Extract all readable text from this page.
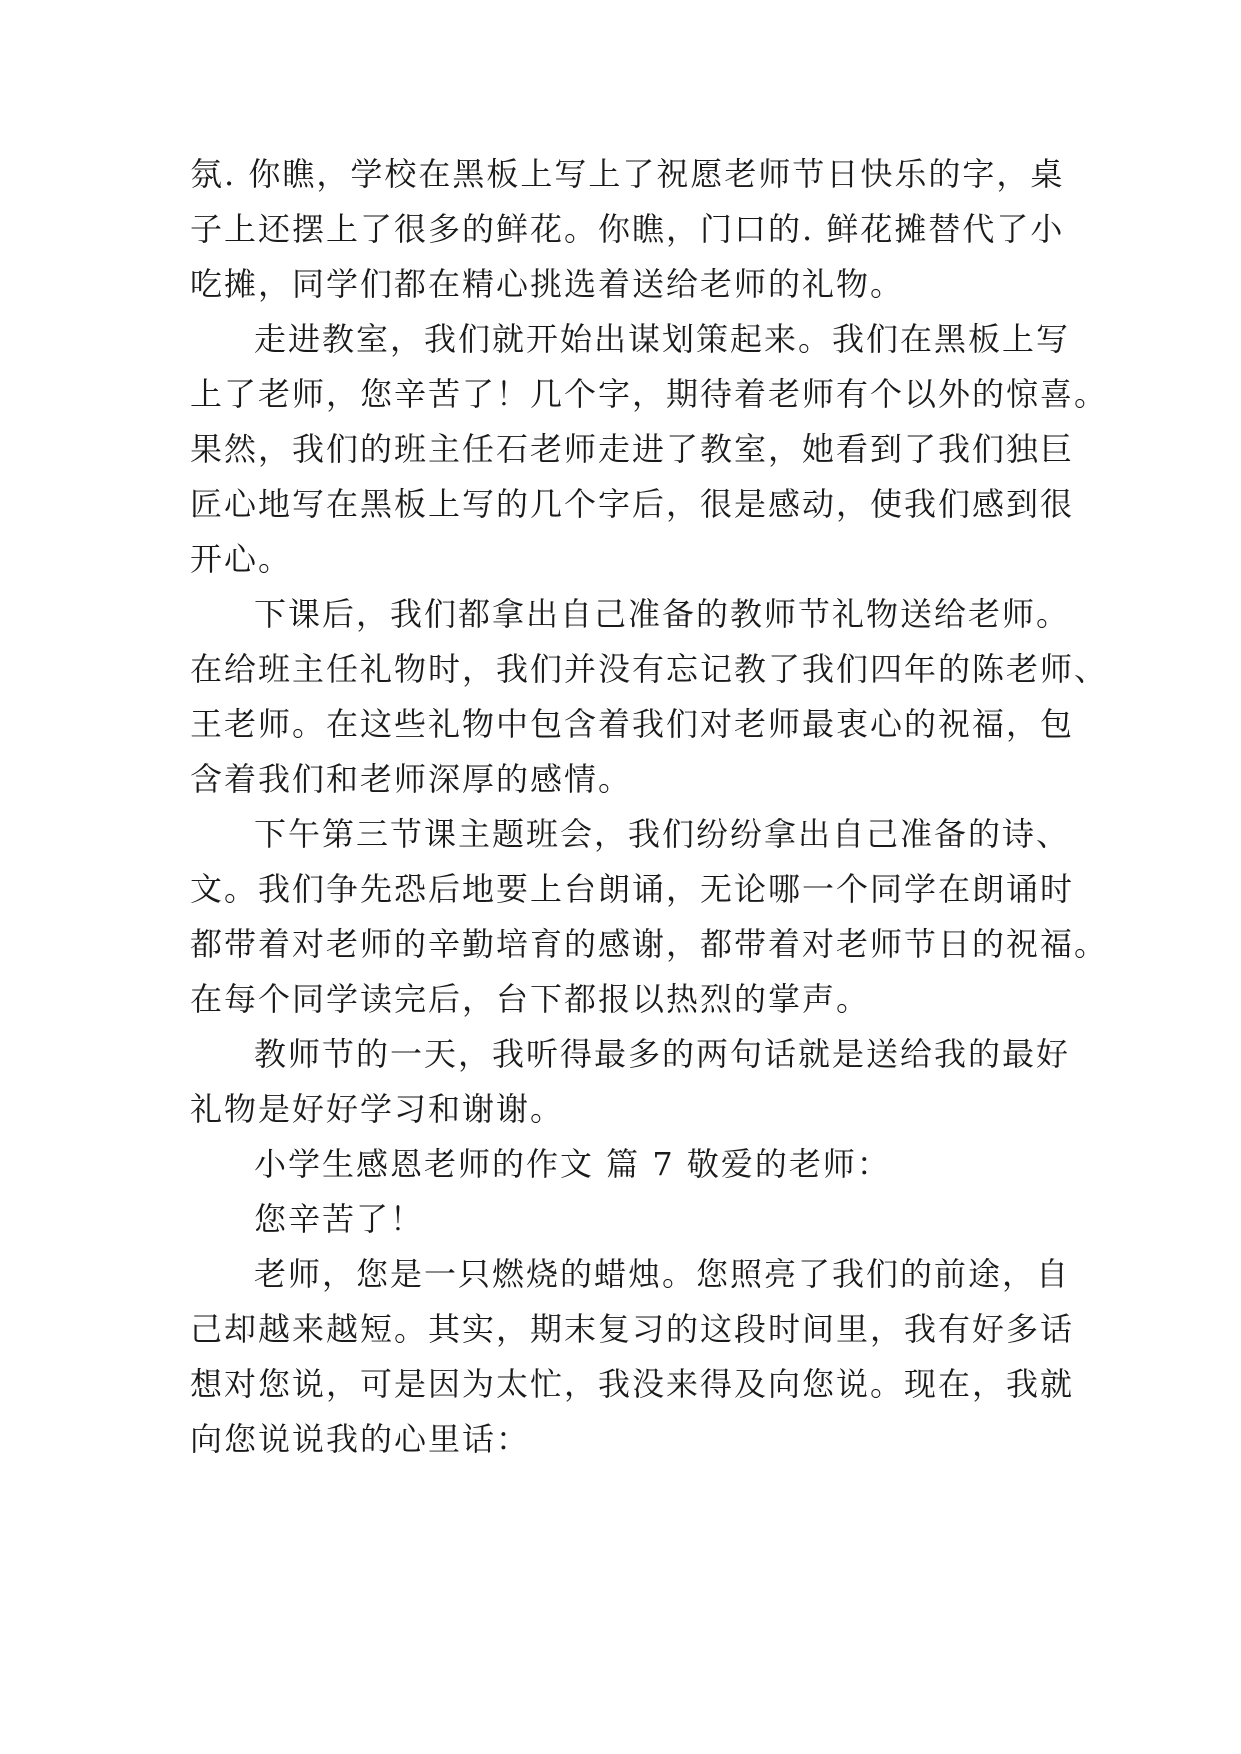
氛. 你瞧，学校在黑板上写上了祝愿老师节日快乐的字，桌
子上还摆上了很多的鲜花。你瞧，门口的. 鲜花摊替代了小
吃摊，同学们都在精心挑选着送给老师的礼物。
走进教室，我们就开始出谋划策起来。我们在黑板上写
上了老师，您辛苦了！几个字，期待着老师有个以外的惊喜。
果然，我们的班主任石老师走进了教室，她看到了我们独巨
匠心地写在黑板上写的几个字后，很是感动，使我们感到很
开心。
下课后，我们都拿出自己准备的教师节礼物送给老师。
在给班主任礼物时，我们并没有忘记教了我们四年的陈老师、
王老师。在这些礼物中包含着我们对老师最衷心的祝福，包
含着我们和老师深厚的感情。
下午第三节课主题班会，我们纷纷拿出自己准备的诗、
文。我们争先恐后地要上台朗诵，无论哪一个同学在朗诵时
都带着对老师的辛勤培育的感谢，都带着对老师节日的祝福。
在每个同学读完后，台下都报以热烈的掌声。
教师节的一天，我听得最多的两句话就是送给我的最好
礼物是好好学习和谢谢。
小学生感恩老师的作文 篇 7 敬爱的老师：
您辛苦了！
老师，您是一只燃烧的蜡烛。您照亮了我们的前途，自
己却越来越短。其实，期末复习的这段时间里，我有好多话
想对您说，可是因为太忙，我没来得及向您说。现在，我就
向您说说我的心里话：
